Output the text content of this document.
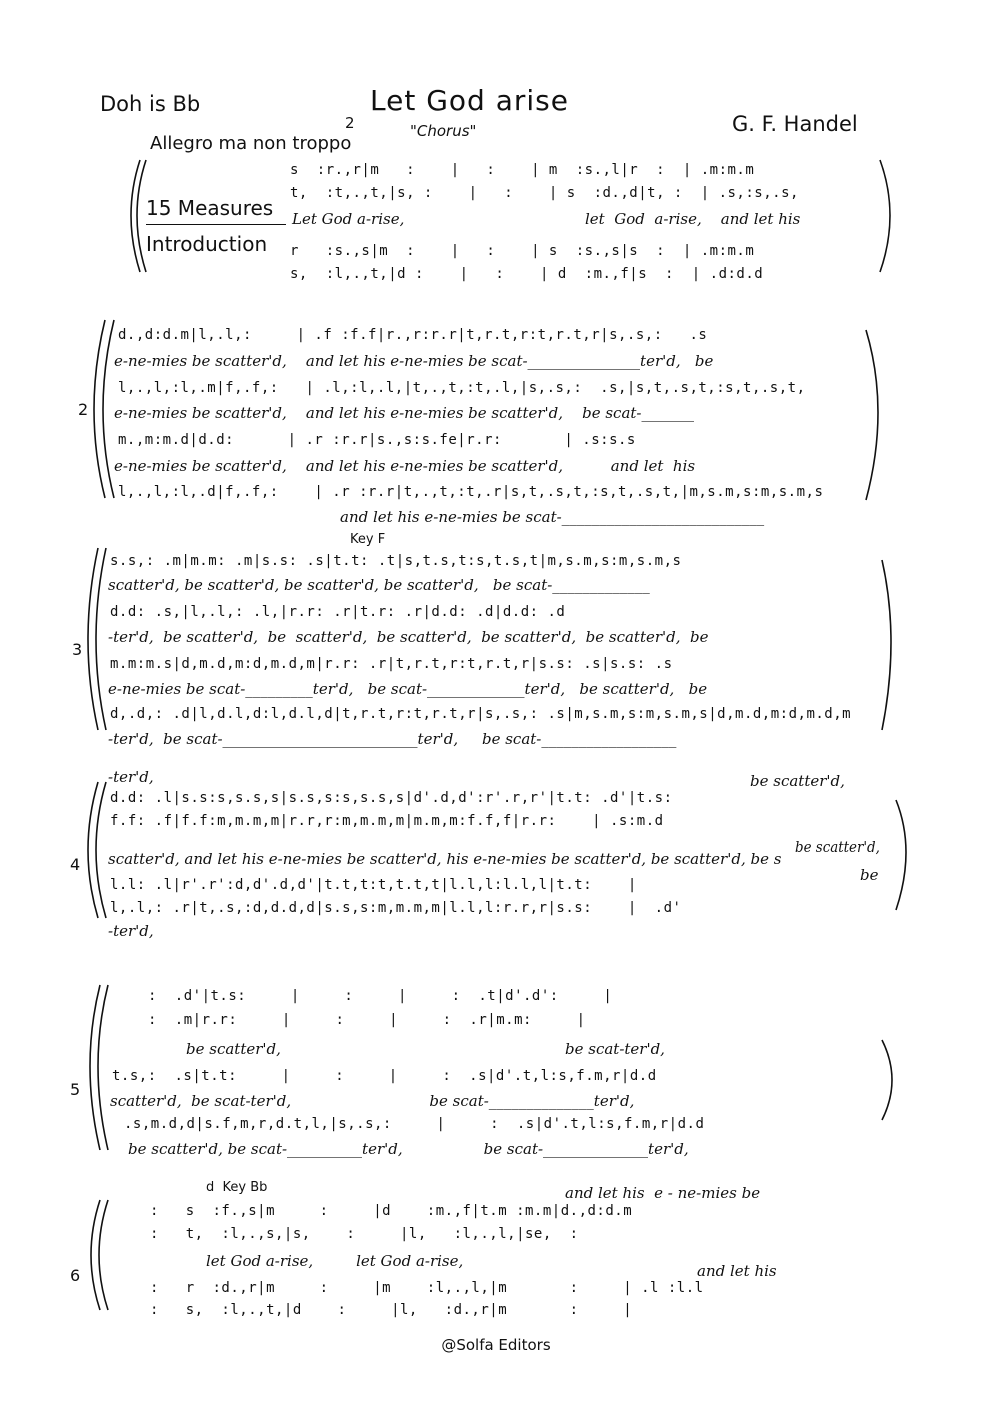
Doh is Bb	Let God arise
2	"Chorus"	G. F. Handel
Allegro ma non troppo
15 Measures
Introduction
s  :r.,r|m   :    |   :    | m  :s.,l|r  :  | .m:m.m
t,  :t,.,t,|s, :    |   :    | s  :d.,d|t, :  | .s,:s,.s,
Let God a-rise,	let  God  a-rise,    and let his
r   :s.,s|m  :    |   :    | s  :s.,s|s  :  | .m:m.m
s,  :l,.,t,|d :    |   :    | d  :m.,f|s  :  | .d:d.d
2
d.,d:d.m|l,.l,:     | .f :f.f|r.,r:r.r|t,r.t,r:t,r.t,r|s,.s,:   .s
e-ne-mies be scatter'd,    and let his e-ne-mies be scat-_______________ter'd,   be
l,.,l,:l,.m|f,.f,:   | .l,:l,.l,|t,.,t,:t,.l,|s,.s,:  .s,|s,t,.s,t,:s,t,.s,t,
e-ne-mies be scatter'd,    and let his e-ne-mies be scatter'd,    be scat-_______
m.,m:m.d|d.d:      | .r :r.r|s.,s:s.fe|r.r:       | .s:s.s
e-ne-mies be scatter'd,    and let his e-ne-mies be scatter'd,          and let  his
l,.,l,:l,.d|f,.f,:    | .r :r.r|t,.,t,:t,.r|s,t,.s,t,:s,t,.s,t,|m,s.m,s:m,s.m,s
and let his e-ne-mies be scat-___________________________
3
s.s,: .m|m.m: .m|s.s: .s|t.t: .t|s,t.s,t:s,t.s,t|m,s.m,s:m,s.m,s
scatter'd, be scatter'd, be scatter'd, be scatter'd,   be scat-_____________
d.d: .s,|l,.l,: .l,|r.r: .r|t.r: .r|d.d: .d|d.d: .d
-ter'd,  be scatter'd,  be  scatter'd,  be scatter'd,  be scatter'd,  be scatter'd,  be
m.m:m.s|d,m.d,m:d,m.d,m|r.r: .r|t,r.t,r:t,r.t,r|s.s: .s|s.s: .s
e-ne-mies be scat-_________ter'd,   be scat-_____________ter'd,   be scatter'd,   be
d,.d,: .d|l,d.l,d:l,d.l,d|t,r.t,r:t,r.t,r|s,.s,: .s|m,s.m,s:m,s.m,s|d,m.d,m:d,m.d,m
-ter'd,  be scat-__________________________ter'd,     be scat-__________________
4
-ter'd,	be scatter'd,
d.d: .l|s.s:s,s.s,s|s.s,s:s,s.s,s|d'.d,d':r'.r,r'|t.t: .d'|t.s:
f.f: .f|f.f:m,m.m,m|r.r,r:m,m.m,m|m.m,m:f.f,f|r.r:    | .s:m.d
be scatter'd,
scatter'd, and let his e-ne-mies be scatter'd, his e-ne-mies be scatter'd, be scatter'd, be s
be
l.l: .l|r'.r':d,d'.d,d'|t.t,t:t,t.t,t|l.l,l:l.l,l|t.t:    |
l,.l,: .r|t,.s,:d,d.d,d|s.s,s:m,m.m,m|l.l,l:r.r,r|s.s:    |  .d'
-ter'd,
5
:  .d'|t.s:     |     :     |     :  .t|d'.d':     |
:  .m|r.r:     |     :     |     :  .r|m.m:     |
be scatter'd,	be scat-ter'd,
t.s,:  .s|t.t:     |     :     |     :  .s|d'.t,l:s,f.m,r|d.d
scatter'd,  be scat-ter'd,                             be scat-______________ter'd,
.s,m.d,d|s.f,m,r,d.t,l,|s,.s,:     |     :  .s|d'.t,l:s,f.m,r|d.d
be scatter'd, be scat-__________ter'd,                 be scat-______________ter'd,
6
d  Key Bb	and let his  e - ne-mies be
:   s  :f.,s|m     :     |d    :m.,f|t.m :m.m|d.,d:d.m
:   t,  :l,.,s,|s,    :     |l,   :l,.,l,|se,  :
let God a-rise,         let God a-rise,
and let his
:   r  :d.,r|m     :     |m    :l,.,l,|m       :     | .l :l.l
:   s,  :l,.,t,|d    :     |l,   :d.,r|m       :     |
Key F
@Solfa Editors
